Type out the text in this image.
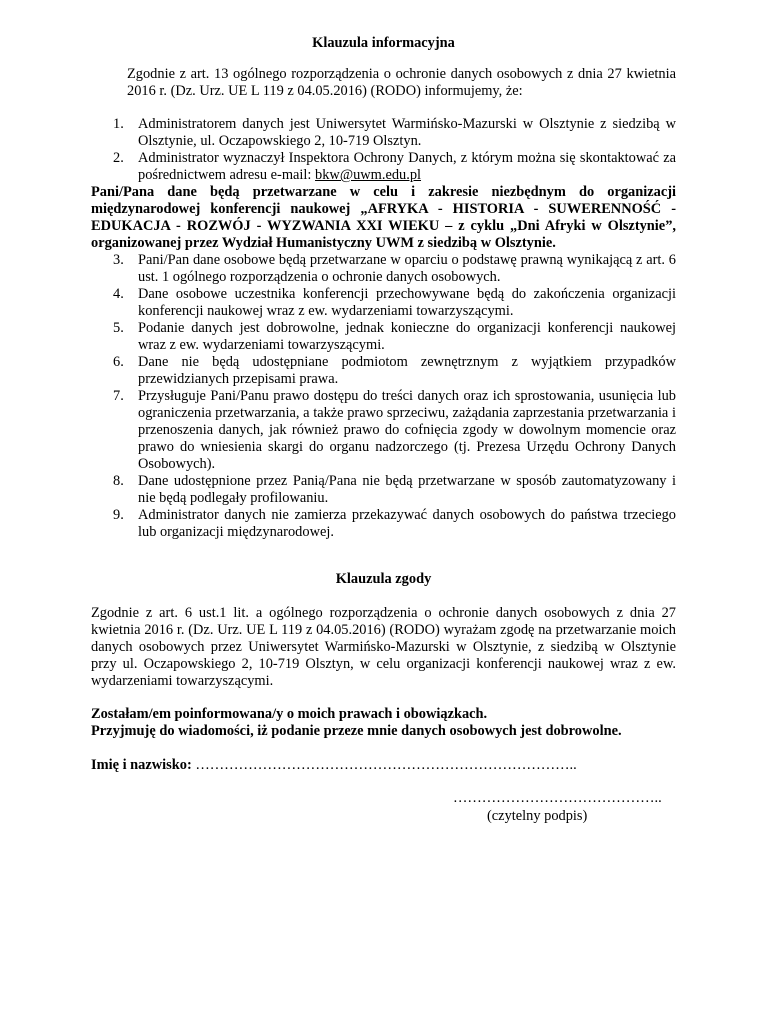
Klauzula informacyjna

Zgodnie z art. 13 ogólnego rozporządzenia o ochronie danych osobowych z dnia 27 kwietnia 2016 r. (Dz. Urz. UE L 119 z 04.05.2016) (RODO) informujemy, że:

1. Administratorem danych jest Uniwersytet Warmińsko-Mazurski w Olsztynie z siedzibą w Olsztynie, ul. Oczapowskiego 2, 10-719 Olsztyn.
2. Administrator wyznaczył Inspektora Ochrony Danych, z którym można się skontaktować za pośrednictwem adresu e-mail: bkw@uwm.edu.pl

Pani/Pana dane będą przetwarzane w celu i zakresie niezbędnym do organizacji międzynarodowej konferencji naukowej „AFRYKA - HISTORIA - SUWERENNOŚĆ - EDUKACJA - ROZWÓJ - WYZWANIA XXI WIEKU – z cyklu „Dni Afryki w Olsztynie”, organizowanej przez Wydział Humanistyczny UWM z siedzibą w Olsztynie.

3. Pani/Pan dane osobowe będą przetwarzane w oparciu o podstawę prawną wynikającą z art. 6 ust. 1 ogólnego rozporządzenia o ochronie danych osobowych.
4. Dane osobowe uczestnika konferencji przechowywane będą do zakończenia organizacji konferencji naukowej wraz z ew. wydarzeniami towarzyszącymi.
5. Podanie danych jest dobrowolne, jednak konieczne do organizacji konferencji naukowej wraz z ew. wydarzeniami towarzyszącymi.
6. Dane nie będą udostępniane podmiotom zewnętrznym z wyjątkiem przypadków przewidzianych przepisami prawa.
7. Przysługuje Pani/Panu prawo dostępu do treści danych oraz ich sprostowania, usunięcia lub ograniczenia przetwarzania, a także prawo sprzeciwu, zażądania zaprzestania przetwarzania i przenoszenia danych, jak również prawo do cofnięcia zgody w dowolnym momencie oraz prawo do wniesienia skargi do organu nadzorczego (tj. Prezesa Urzędu Ochrony Danych Osobowych).
8. Dane udostępnione przez Panią/Pana nie będą przetwarzane w sposób zautomatyzowany i nie będą podlegały profilowaniu.
9. Administrator danych nie zamierza przekazywać danych osobowych do państwa trzeciego lub organizacji międzynarodowej.

Klauzula zgody

Zgodnie z art. 6 ust.1 lit. a ogólnego rozporządzenia o ochronie danych osobowych z dnia 27 kwietnia 2016 r. (Dz. Urz. UE L 119 z 04.05.2016) (RODO) wyrażam zgodę na przetwarzanie moich danych osobowych przez Uniwersytet Warmińsko-Mazurski w Olsztynie, z siedzibą w Olsztynie przy ul. Oczapowskiego 2, 10-719 Olsztyn, w celu organizacji konferencji naukowej wraz z ew. wydarzeniami towarzyszącymi.

Zostałam/em poinformowana/y o moich prawach i obowiązkach.
Przyjmuję do wiadomości, iż podanie przeze mnie danych osobowych jest dobrowolne.

Imię i nazwisko: ……………………………………………………………………..

……………………………………..
(czytelny podpis)
